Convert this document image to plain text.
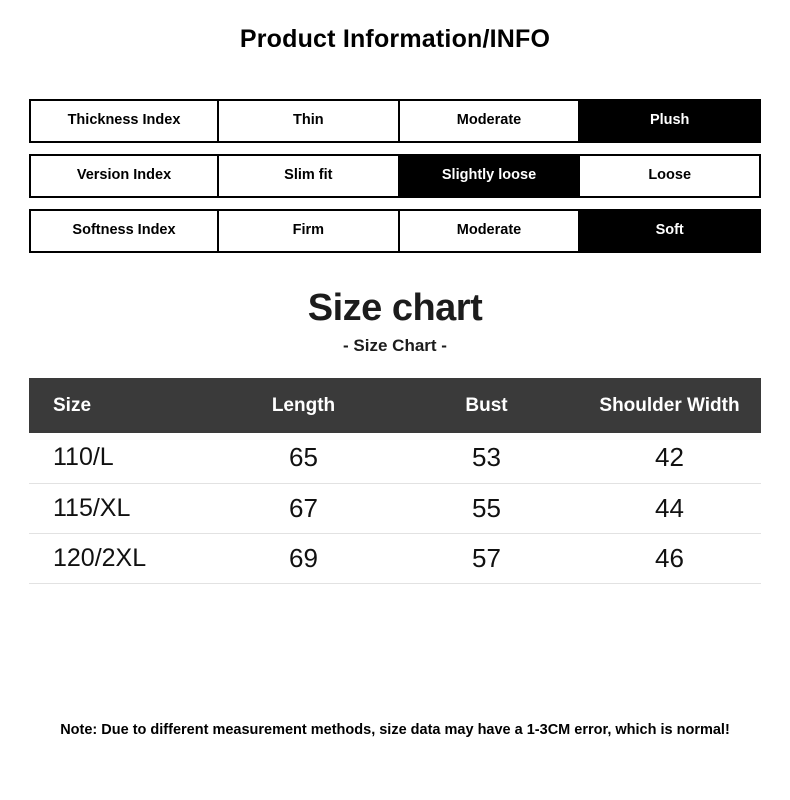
Product Information/INFO
Thickness Index	Thin	Moderate	Plush
Version Index	Slim fit	Slightly loose	Loose
Softness Index	Firm	Moderate	Soft
Size chart
- Size Chart -
Size	Length	Bust	Shoulder Width
110/L	65	53	42
115/XL	67	55	44
120/2XL	69	57	46

Note: Due to different measurement methods, size data may have a 1-3CM error, which is normal!
